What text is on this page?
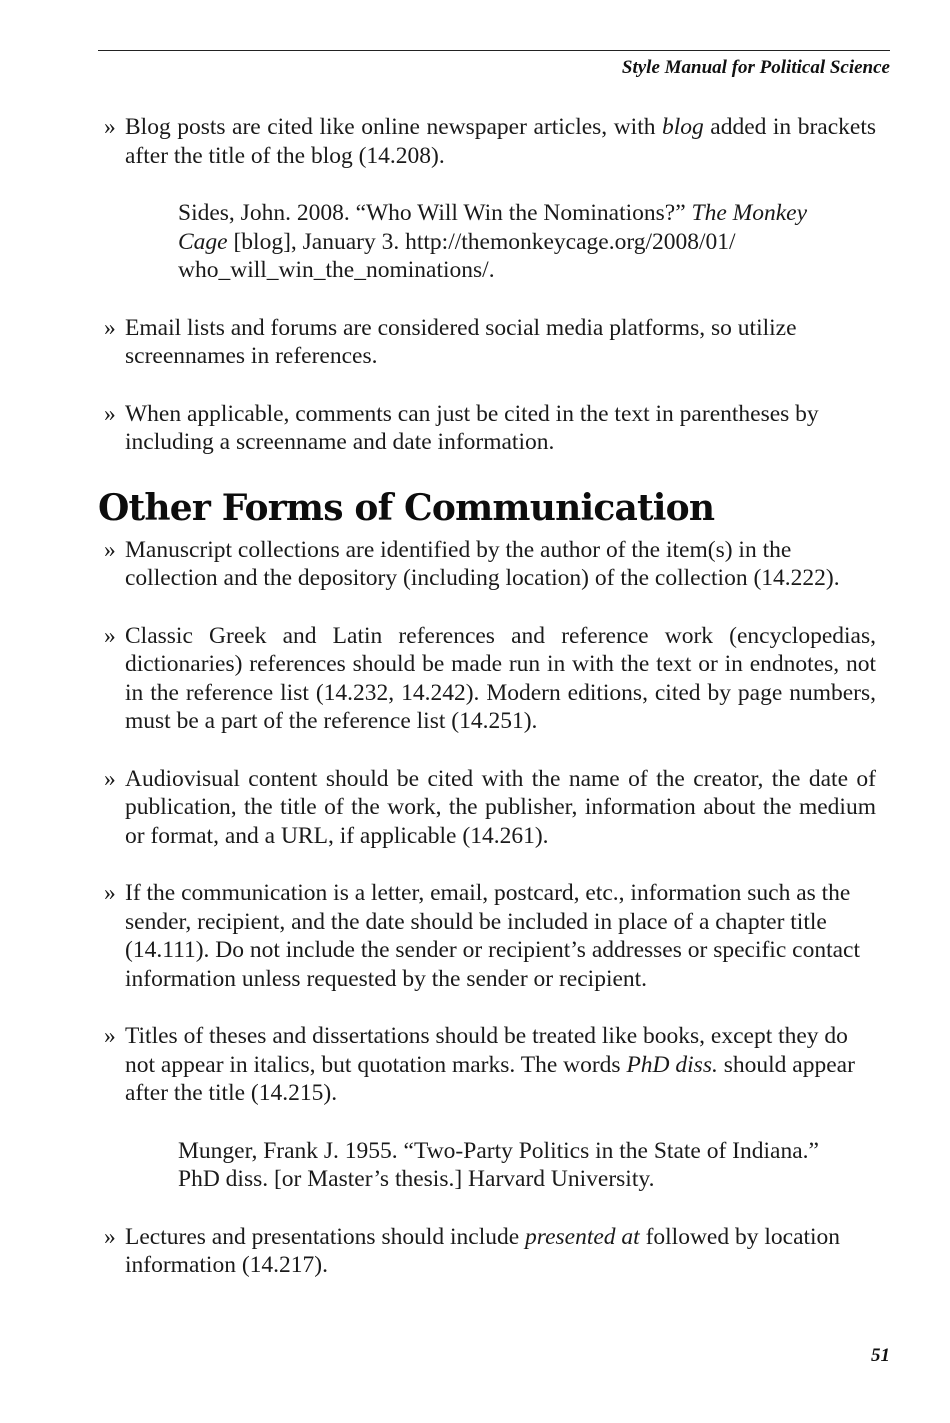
Style Manual for Political Science
» Blog posts are cited like online newspaper articles, with blog added in brackets after the title of the blog (14.208).
Sides, John. 2008. “Who Will Win the Nominations?” The Monkey
Cage [blog], January 3. http://themonkeycage.org/2008/01/
who_will_win_the_nominations/.
» Email lists and forums are considered social media platforms, so utilize screennames in references.
» When applicable, comments can just be cited in the text in parentheses by including a screenname and date information.
Other Forms of Communication
» Manuscript collections are identified by the author of the item(s) in the collection and the depository (including location) of the collection (14.222).
» Classic Greek and Latin references and reference work (encyclopedias, dictionaries) references should be made run in with the text or in endnotes, not in the reference list (14.232, 14.242). Modern editions, cited by page numbers, must be a part of the reference list (14.251).
» Audiovisual content should be cited with the name of the creator, the date of publication, the title of the work, the publisher, information about the medium or format, and a URL, if applicable (14.261).
» If the communication is a letter, email, postcard, etc., information such as the sender, recipient, and the date should be included in place of a chapter title (14.111). Do not include the sender or recipient’s addresses or specific contact information unless requested by the sender or recipient.
» Titles of theses and dissertations should be treated like books, except they do not appear in italics, but quotation marks. The words PhD diss. should appear after the title (14.215).
Munger, Frank J. 1955. “Two-Party Politics in the State of Indiana.”
PhD diss. [or Master’s thesis.] Harvard University.
» Lectures and presentations should include presented at followed by location information (14.217).
51
